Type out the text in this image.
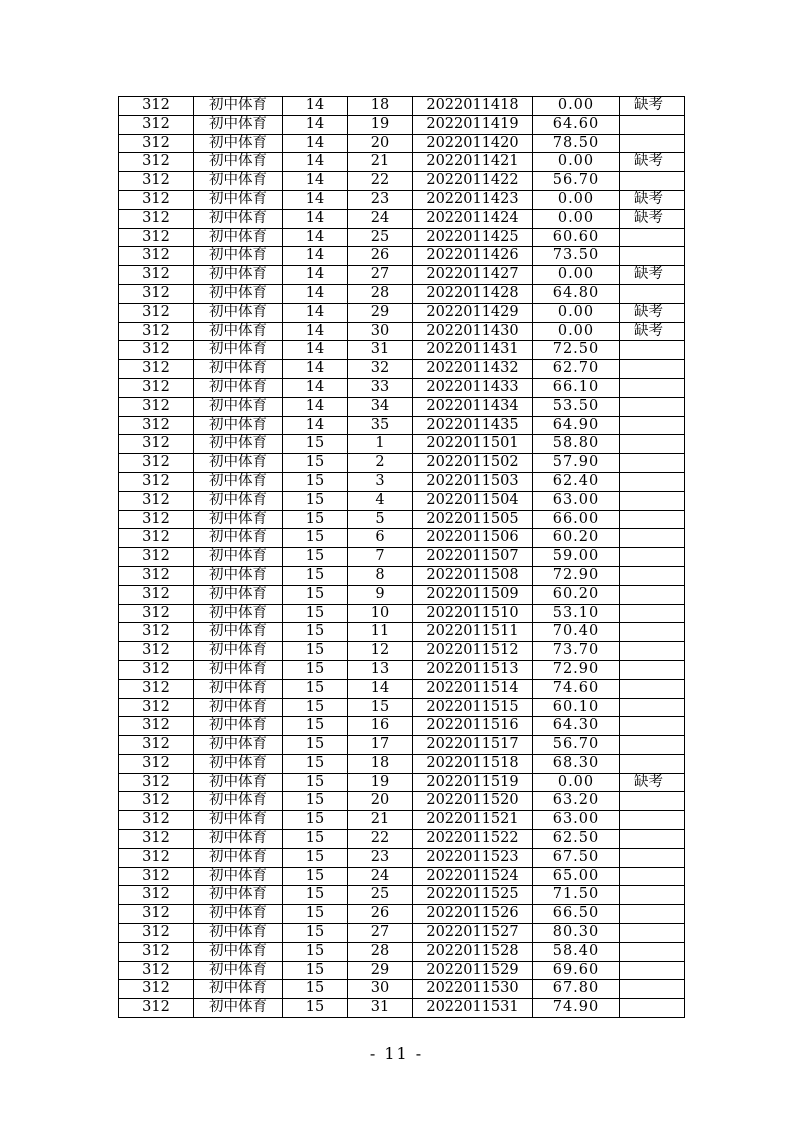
312	初中体育	14	18	2022011418	0.00	缺考
312	初中体育	14	19	2022011419	64.60	
312	初中体育	14	20	2022011420	78.50	
312	初中体育	14	21	2022011421	0.00	缺考
312	初中体育	14	22	2022011422	56.70	
312	初中体育	14	23	2022011423	0.00	缺考
312	初中体育	14	24	2022011424	0.00	缺考
312	初中体育	14	25	2022011425	60.60	
312	初中体育	14	26	2022011426	73.50	
312	初中体育	14	27	2022011427	0.00	缺考
312	初中体育	14	28	2022011428	64.80	
312	初中体育	14	29	2022011429	0.00	缺考
312	初中体育	14	30	2022011430	0.00	缺考
312	初中体育	14	31	2022011431	72.50	
312	初中体育	14	32	2022011432	62.70	
312	初中体育	14	33	2022011433	66.10	
312	初中体育	14	34	2022011434	53.50	
312	初中体育	14	35	2022011435	64.90	
312	初中体育	15	1	2022011501	58.80	
312	初中体育	15	2	2022011502	57.90	
312	初中体育	15	3	2022011503	62.40	
312	初中体育	15	4	2022011504	63.00	
312	初中体育	15	5	2022011505	66.00	
312	初中体育	15	6	2022011506	60.20	
312	初中体育	15	7	2022011507	59.00	
312	初中体育	15	8	2022011508	72.90	
312	初中体育	15	9	2022011509	60.20	
312	初中体育	15	10	2022011510	53.10	
312	初中体育	15	11	2022011511	70.40	
312	初中体育	15	12	2022011512	73.70	
312	初中体育	15	13	2022011513	72.90	
312	初中体育	15	14	2022011514	74.60	
312	初中体育	15	15	2022011515	60.10	
312	初中体育	15	16	2022011516	64.30	
312	初中体育	15	17	2022011517	56.70	
312	初中体育	15	18	2022011518	68.30	
312	初中体育	15	19	2022011519	0.00	缺考
312	初中体育	15	20	2022011520	63.20	
312	初中体育	15	21	2022011521	63.00	
312	初中体育	15	22	2022011522	62.50	
312	初中体育	15	23	2022011523	67.50	
312	初中体育	15	24	2022011524	65.00	
312	初中体育	15	25	2022011525	71.50	
312	初中体育	15	26	2022011526	66.50	
312	初中体育	15	27	2022011527	80.30	
312	初中体育	15	28	2022011528	58.40	
312	初中体育	15	29	2022011529	69.60	
312	初中体育	15	30	2022011530	67.80	
312	初中体育	15	31	2022011531	74.90	
- 11 -
